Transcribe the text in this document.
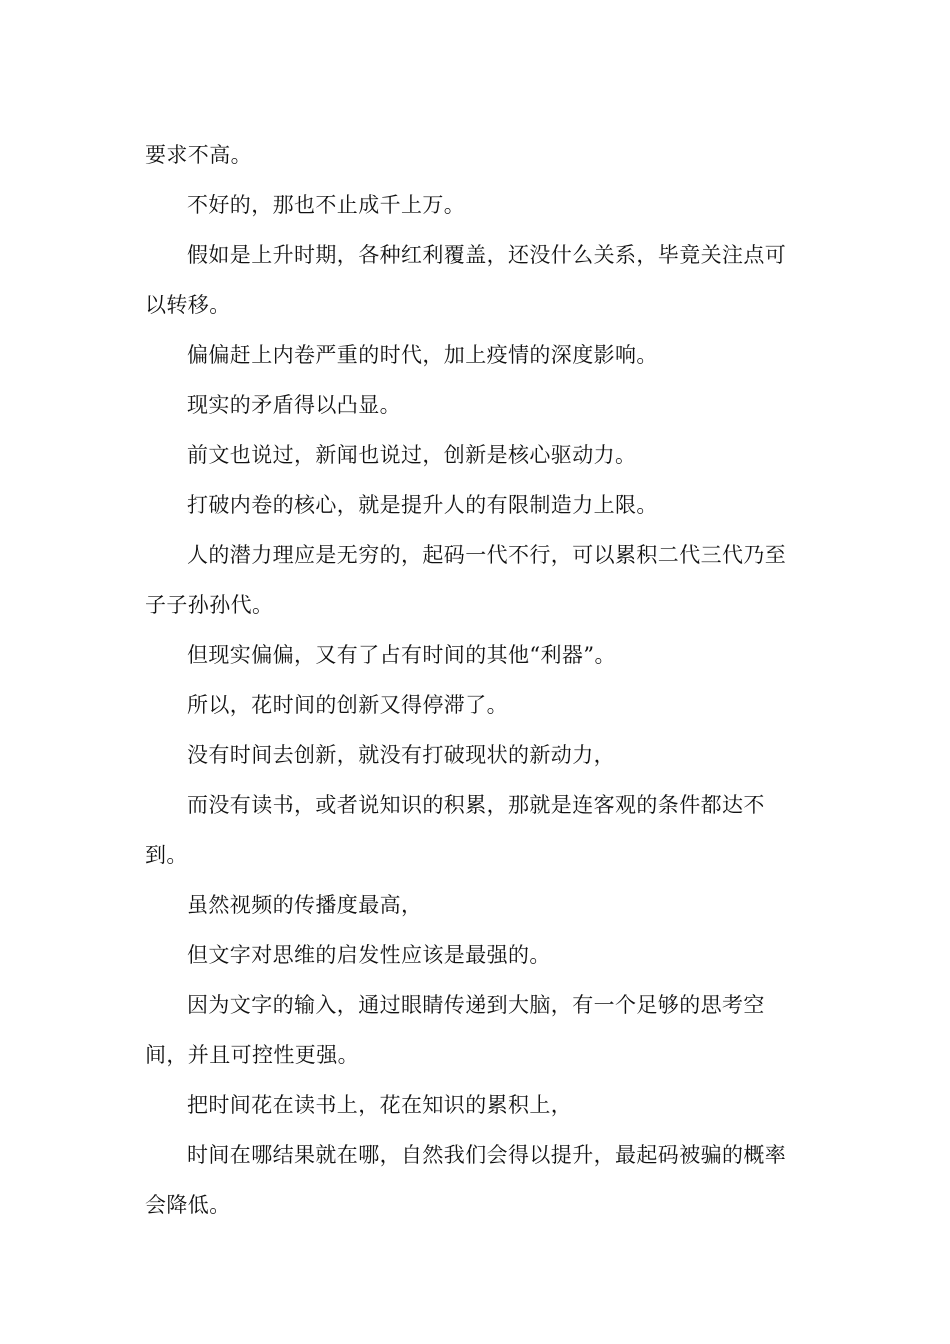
要求不高。

不好的，那也不止成千上万。

假如是上升时期，各种红利覆盖，还没什么关系，毕竟关注点可以转移。

偏偏赶上内卷严重的时代，加上疫情的深度影响。

现实的矛盾得以凸显。

前文也说过，新闻也说过，创新是核心驱动力。

打破内卷的核心，就是提升人的有限制造力上限。

人的潜力理应是无穷的，起码一代不行，可以累积二代三代乃至子子孙孙代。

但现实偏偏，又有了占有时间的其他“利器”。

所以，花时间的创新又得停滞了。

没有时间去创新，就没有打破现状的新动力，

而没有读书，或者说知识的积累，那就是连客观的条件都达不到。

虽然视频的传播度最高，

但文字对思维的启发性应该是最强的。

因为文字的输入，通过眼睛传递到大脑，有一个足够的思考空间，并且可控性更强。

把时间花在读书上，花在知识的累积上，

时间在哪结果就在哪，自然我们会得以提升，最起码被骗的概率会降低。
